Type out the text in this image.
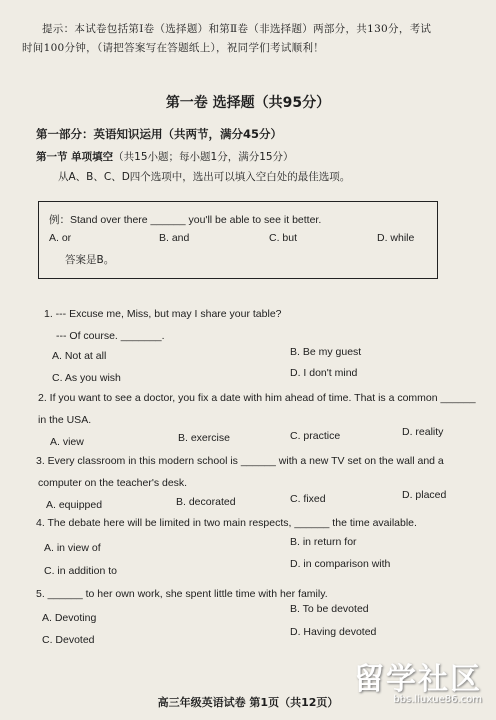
提示：本试卷包括第Ⅰ卷（选择题）和第Ⅱ卷（非选择题）两部分，共130分，考试
时间100分钟，（请把答案写在答题纸上），祝同学们考试顺利！
第一卷 选择题（共95分）
第一部分：英语知识运用（共两节，满分45分）
第一节 单项填空（共15小题；每小题1分，满分15分）
从A、B、C、D四个选项中，选出可以填入空白处的最佳选项。
例：Stand over there ______ you'll be able to see it better.
A. or	B. and	C. but	D. while
答案是B。
1. --- Excuse me, Miss, but may I share your table?
--- Of course. _______.
A. Not at all	B. Be my guest
C. As you wish	D. I don't mind
2. If you want to see a doctor, you fix a date with him ahead of time. That is a common ______
in the USA.
A. view	B. exercise	C. practice	D. reality
3. Every classroom in this modern school is ______ with a new TV set on the wall and a
computer on the teacher's desk.
A. equipped	B. decorated	C. fixed	D. placed
4. The debate here will be limited in two main respects, ______ the time available.
A. in view of	B. in return for
C. in addition to
D. in comparison with
5. ______ to her own work, she spent little time with her family.
A. Devoting
B. To be devoted
C. Devoted
D. Having devoted
高三年级英语试卷 第1页（共12页）
留学社区
bbs.liuxue86.com
